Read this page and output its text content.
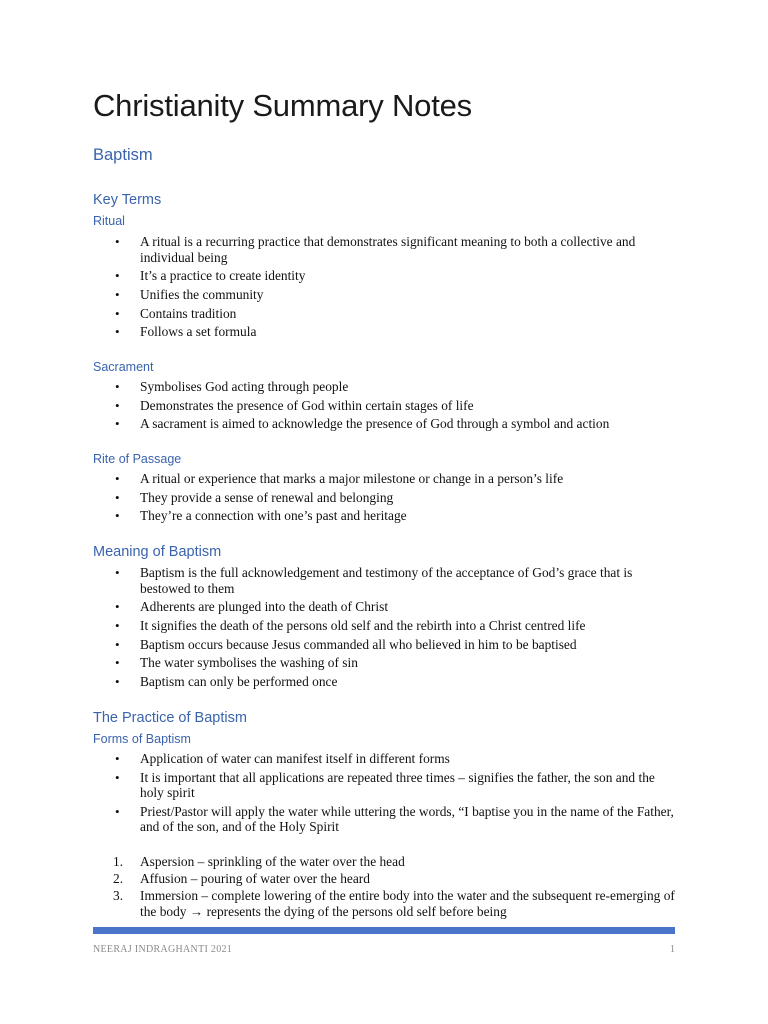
Christianity Summary Notes
Baptism
Key Terms
Ritual
• A ritual is a recurring practice that demonstrates significant meaning to both a collective and individual being
• It’s a practice to create identity
• Unifies the community
• Contains tradition
• Follows a set formula
Sacrament
• Symbolises God acting through people
• Demonstrates the presence of God within certain stages of life
• A sacrament is aimed to acknowledge the presence of God through a symbol and action
Rite of Passage
• A ritual or experience that marks a major milestone or change in a person’s life
• They provide a sense of renewal and belonging
• They’re a connection with one’s past and heritage
Meaning of Baptism
• Baptism is the full acknowledgement and testimony of the acceptance of God’s grace that is bestowed to them
• Adherents are plunged into the death of Christ
• It signifies the death of the persons old self and the rebirth into a Christ centred life
• Baptism occurs because Jesus commanded all who believed in him to be baptised
• The water symbolises the washing of sin
• Baptism can only be performed once
The Practice of Baptism
Forms of Baptism
• Application of water can manifest itself in different forms
• It is important that all applications are repeated three times – signifies the father, the son and the holy spirit
• Priest/Pastor will apply the water while uttering the words, “I baptise you in the name of the Father, and of the son, and of the Holy Spirit
1. Aspersion – sprinkling of the water over the head
2. Affusion – pouring of water over the heard
3. Immersion – complete lowering of the entire body into the water and the subsequent re-emerging of the body → represents the dying of the persons old self before being
NEERAJ INDRAGHANTI 2021	1
